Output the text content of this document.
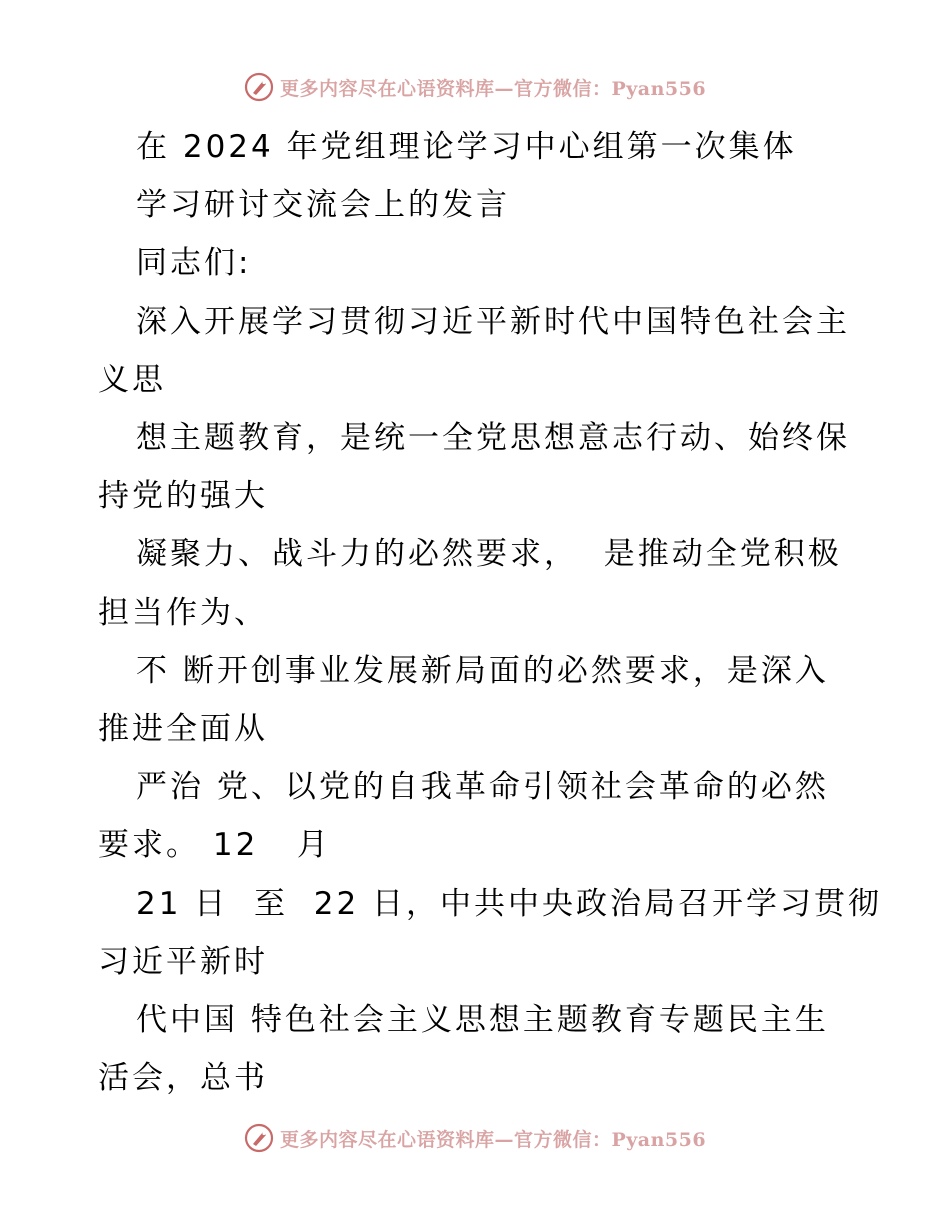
更多内容尽在心语资料库—官方微信：Pyan556
在 2024 年党组理论学习中心组第一次集体
学习研讨交流会上的发言
同志们:
深入开展学习贯彻习近平新时代中国特色社会主
义思
想主题教育，是统一全党思想意志行动、始终保
持党的强大
凝聚力、战斗力的必然要求，  是推动全党积极
担当作为、
不 断开创事业发展新局面的必然要求，是深入
推进全面从
严治 党、以党的自我革命引领社会革命的必然
要求。 12   月
21 日  至  22 日，中共中央政治局召开学习贯彻
习近平新时
代中国 特色社会主义思想主题教育专题民主生
活会，总书
更多内容尽在心语资料库—官方微信：Pyan556
